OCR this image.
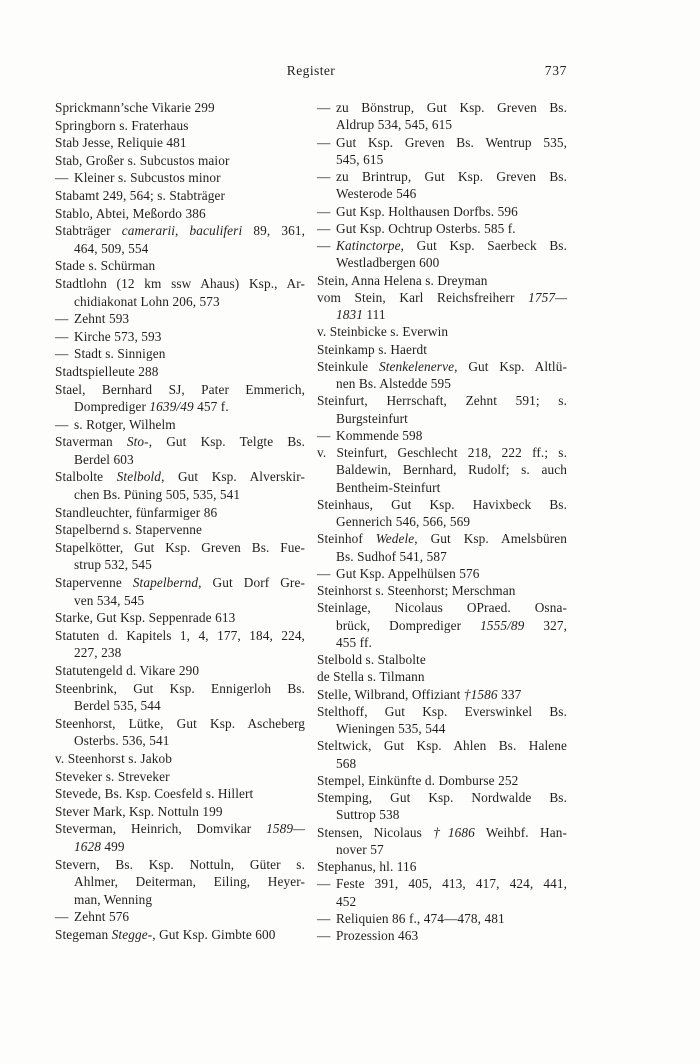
Register	737
Sprickmann’sche Vikarie 299
Springborn s. Fraterhaus
Stab Jesse, Reliquie 481
Stab, Großer s. Subcustos maior
— Kleiner s. Subcustos minor
Stabamt 249, 564; s. Stabträger
Stablo, Abtei, Meßordo 386
Stabträger camerarii, baculiferi 89, 361,
464, 509, 554
Stade s. Schürman
Stadtlohn (12 km ssw Ahaus) Ksp., Ar-
chidiakonat Lohn 206, 573
— Zehnt 593
— Kirche 573, 593
— Stadt s. Sinnigen
Stadtspielleute 288
Stael, Bernhard SJ, Pater Emmerich,
Domprediger 1639/49 457 f.
— s. Rotger, Wilhelm
Staverman Sto-, Gut Ksp. Telgte Bs.
Berdel 603
Stalbolte Stelbold, Gut Ksp. Alverskir-
chen Bs. Püning 505, 535, 541
Standleuchter, fünfarmiger 86
Stapelbernd s. Stapervenne
Stapelkötter, Gut Ksp. Greven Bs. Fue-
strup 532, 545
Stapervenne Stapelbernd, Gut Dorf Gre-
ven 534, 545
Starke, Gut Ksp. Seppenrade 613
Statuten d. Kapitels 1, 4, 177, 184, 224,
227, 238
Statutengeld d. Vikare 290
Steenbrink, Gut Ksp. Ennigerloh Bs.
Berdel 535, 544
Steenhorst, Lütke, Gut Ksp. Ascheberg
Osterbs. 536, 541
v. Steenhorst s. Jakob
Steveker s. Streveker
Stevede, Bs. Ksp. Coesfeld s. Hillert
Stever Mark, Ksp. Nottuln 199
Steverman, Heinrich, Domvikar 1589—
1628 499
Stevern, Bs. Ksp. Nottuln, Güter s.
Ahlmer, Deiterman, Eiling, Heyer-
man, Wenning
— Zehnt 576
Stegeman Stegge-, Gut Ksp. Gimbte 600
— zu Bönstrup, Gut Ksp. Greven Bs.
Aldrup 534, 545, 615
— Gut Ksp. Greven Bs. Wentrup 535,
545, 615
— zu Brintrup, Gut Ksp. Greven Bs.
Westerode 546
— Gut Ksp. Holthausen Dorfbs. 596
— Gut Ksp. Ochtrup Osterbs. 585 f.
— Katinctorpe, Gut Ksp. Saerbeck Bs.
Westladbergen 600
Stein, Anna Helena s. Dreyman
vom Stein, Karl Reichsfreiherr 1757—
1831 111
v. Steinbicke s. Everwin
Steinkamp s. Haerdt
Steinkule Stenkelenerve, Gut Ksp. Altlü-
nen Bs. Alstedde 595
Steinfurt, Herrschaft, Zehnt 591; s.
Burgsteinfurt
— Kommende 598
v. Steinfurt, Geschlecht 218, 222 ff.; s.
Baldewin, Bernhard, Rudolf; s. auch
Bentheim-Steinfurt
Steinhaus, Gut Ksp. Havixbeck Bs.
Gennerich 546, 566, 569
Steinhof Wedele, Gut Ksp. Amelsbüren
Bs. Sudhof 541, 587
— Gut Ksp. Appelhülsen 576
Steinhorst s. Steenhorst; Merschman
Steinlage, Nicolaus OPraed. Osna-
brück, Domprediger 1555/89 327,
455 ff.
Stelbold s. Stalbolte
de Stella s. Tilmann
Stelle, Wilbrand, Offiziant †1586 337
Stelthoff, Gut Ksp. Everswinkel Bs.
Wieningen 535, 544
Steltwick, Gut Ksp. Ahlen Bs. Halene
568
Stempel, Einkünfte d. Domburse 252
Stemping, Gut Ksp. Nordwalde Bs.
Suttrop 538
Stensen, Nicolaus †1686 Weihbf. Han-
nover 57
Stephanus, hl. 116
— Feste 391, 405, 413, 417, 424, 441,
452
— Reliquien 86 f., 474—478, 481
— Prozession 463
